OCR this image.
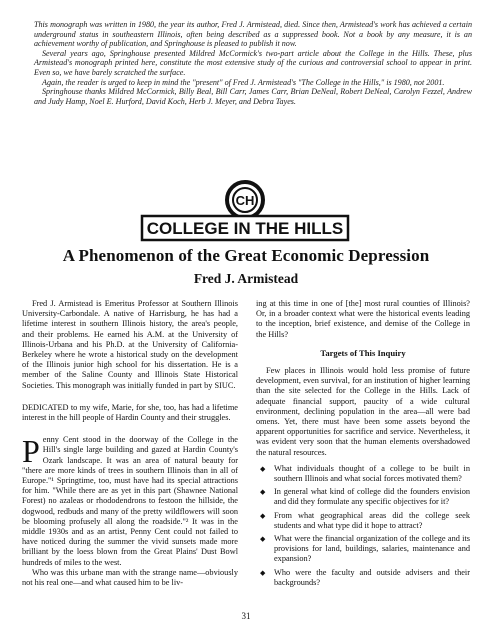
This monograph was written in 1980, the year its author, Fred J. Armistead, died. Since then, Armistead's work has achieved a certain underground status in southeastern Illinois, often being described as a suppressed book. Not a book by any measure, it is an achievement worthy of publication, and Springhouse is pleased to publish it now.

Several years ago, Springhouse presented Mildred McCormick's two-part article about the College in the Hills. These, plus Armistead's monograph printed here, constitute the most extensive study of the curious and controversial school to appear in print. Even so, we have barely scratched the surface.

Again, the reader is urged to keep in mind the "present" of Fred J. Armistead's "The College in the Hills," is 1980, not 2001.

Springhouse thanks Mildred McCormick, Billy Beal, Bill Carr, James Carr, Brian DeNeal, Robert DeNeal, Carolyn Fezzel, Andrew and Judy Hamp, Noel E. Hurford, David Koch, Herb J. Meyer, and Debra Tayes.

CH
COLLEGE IN THE HILLS
A Phenomenon of the Great Economic Depression
Fred J. Armistead

Fred J. Armistead is Emeritus Professor at Southern Illinois University-Carbondale. A native of Harrisburg, he has had a lifetime interest in southern Illinois history, the area's people, and their problems. He earned his A.M. at the University of Illinois-Urbana and his Ph.D. at the University of California-Berkeley where he wrote a historical study on the development of the Illinois junior high school for his dissertation. He is a member of the Saline County and Illinois State Historical Societies. This monograph was initially funded in part by SIUC.

DEDICATED to my wife, Marie, for she, too, has had a lifetime interest in the hill people of Hardin County and their struggles.

P enny Cent stood in the doorway of the College in the Hill's single large building and gazed at Hardin County's Ozark landscape. It was an area of natural beauty for "there are more kinds of trees in southern Illinois than in all of Europe."¹ Springtime, too, must have had its special attractions for him. "While there are as yet in this part (Shawnee National Forest) no azaleas or rhododendrons to festoon the hillside, the dogwood, redbuds and many of the pretty wildflowers will soon be blooming profusely all along the roadside."² It was in the middle 1930s and as an artist, Penny Cent could not failed to have noticed during the summer the vivid sunsets made more brilliant by the loess blown from the Great Plains' Dust Bowl hundreds of miles to the west.

Who was this urbane man with the strange name—obviously not his real one—and what caused him to be liv-

ing at this time in one of [the] most rural counties of Illinois? Or, in a broader context what were the historical events leading to the inception, brief existence, and demise of the College in the Hills?

Targets of This Inquiry

Few places in Illinois would hold less promise of future development, even survival, for an institution of higher learning than the site selected for the College in the Hills. Lack of adequate financial support, paucity of a wide cultural environment, declining population in the area—all were bad omens. Yet, there must have been some assets beyond the apparent opportunities for sacrifice and service. Nevertheless, it was evident very soon that the human elements overshadowed the natural resources.

◆ What individuals thought of a college to be built in southern Illinois and what social forces motivated them?
◆ In general what kind of college did the founders envision and did they formulate any specific objectives for it?
◆ From what geographical areas did the college seek students and what type did it hope to attract?
◆ What were the financial organization of the college and its provisions for land, buildings, salaries, maintenance and expansion?
◆ Who were the faculty and outside advisers and their backgrounds?
31
